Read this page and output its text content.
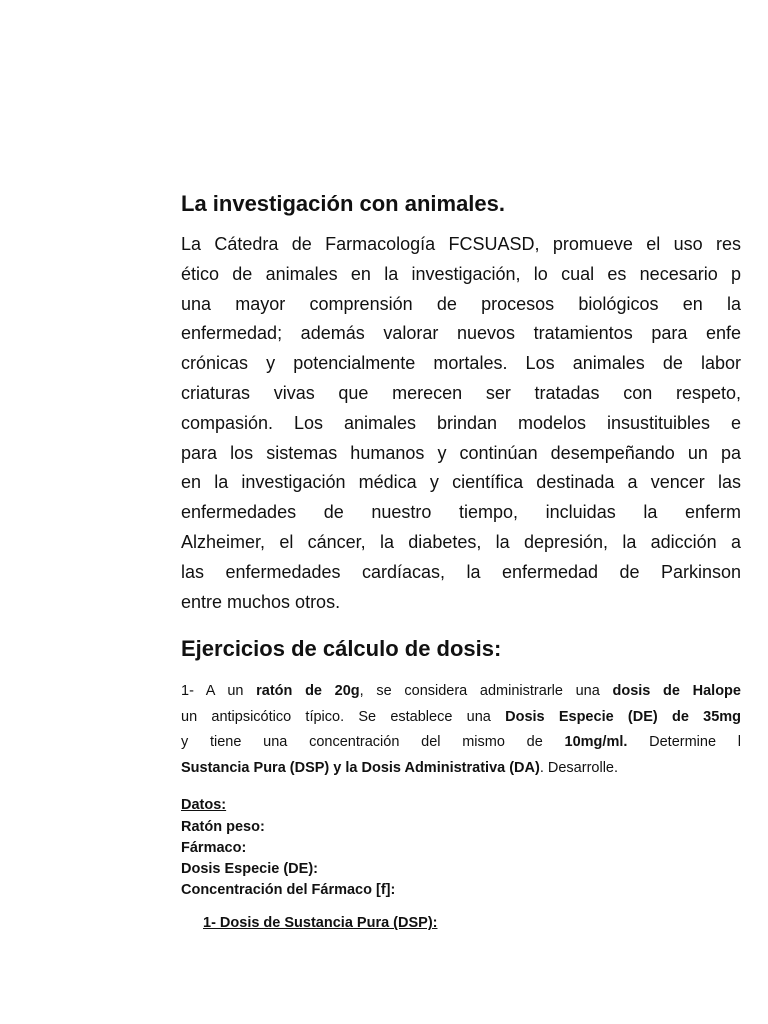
La investigación con animales.
La Cátedra de Farmacología FCSUASD, promueve el uso res
ético de animales en la investigación, lo cual es necesario p
una mayor comprensión de procesos biológicos en la
enfermedad; además valorar nuevos tratamientos para enfe
crónicas y potencialmente mortales. Los animales de labor
criaturas vivas que merecen ser tratadas con respeto,
compasión. Los animales brindan modelos insustituibles e
para los sistemas humanos y continúan desempeñando un pa
en la investigación médica y científica destinada a vencer las
enfermedades de nuestro tiempo, incluidas la enferm
Alzheimer, el cáncer, la diabetes, la depresión, la adicción a
las enfermedades cardíacas, la enfermedad de Parkinson
entre muchos otros.
Ejercicios de cálculo de dosis:
1- A un ratón de 20g, se considera administrarle una dosis de Halope
un antipsicótico típico. Se establece una Dosis Especie (DE) de 35mg
y tiene una concentración del mismo de 10mg/ml. Determine l
Sustancia Pura (DSP) y la Dosis Administrativa (DA). Desarrolle.
Datos:
Ratón peso:
Fármaco:
Dosis Especie (DE):
Concentración del Fármaco [f]:
1- Dosis de Sustancia Pura (DSP):
